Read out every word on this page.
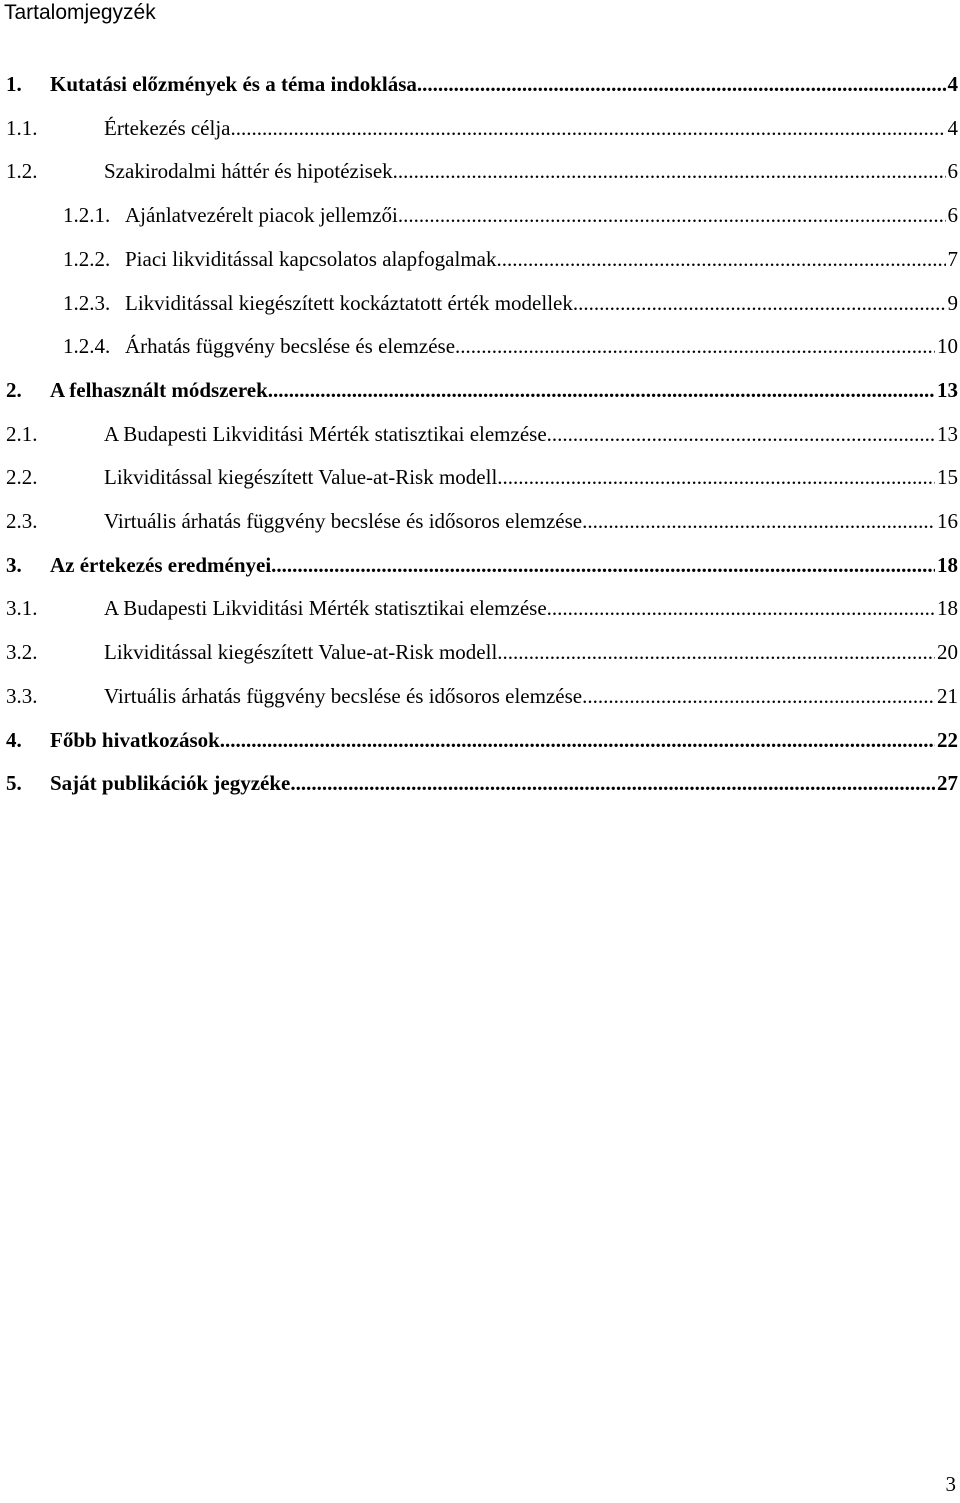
Tartalomjegyzék
1.	Kutatási előzmények és a téma indoklása .....	4
1.1.	Értekezés célja .....	4
1.2.	Szakirodalmi háttér és hipotézisek .....	6
1.2.1. Ajánlatvezérelt piacok jellemzői .....	6
1.2.2. Piaci likviditással kapcsolatos alapfogalmak .....	7
1.2.3. Likviditással kiegészített kockáztatott érték modellek .....	9
1.2.4. Árhatás függvény becslése és elemzése .....	10
2.	A felhasznált módszerek .....	13
2.1.	A Budapesti Likviditási Mérték statisztikai elemzése .....	13
2.2.	Likviditással kiegészített Value-at-Risk modell .....	15
2.3.	Virtuális árhatás függvény becslése és idősoros elemzése .....	16
3.	Az értekezés eredményei .....	18
3.1.	A Budapesti Likviditási Mérték statisztikai elemzése .....	18
3.2.	Likviditással kiegészített Value-at-Risk modell .....	20
3.3.	Virtuális árhatás függvény becslése és idősoros elemzése .....	21
4.	Főbb hivatkozások .....	22
5.	Saját publikációk jegyzéke .....	27
3
